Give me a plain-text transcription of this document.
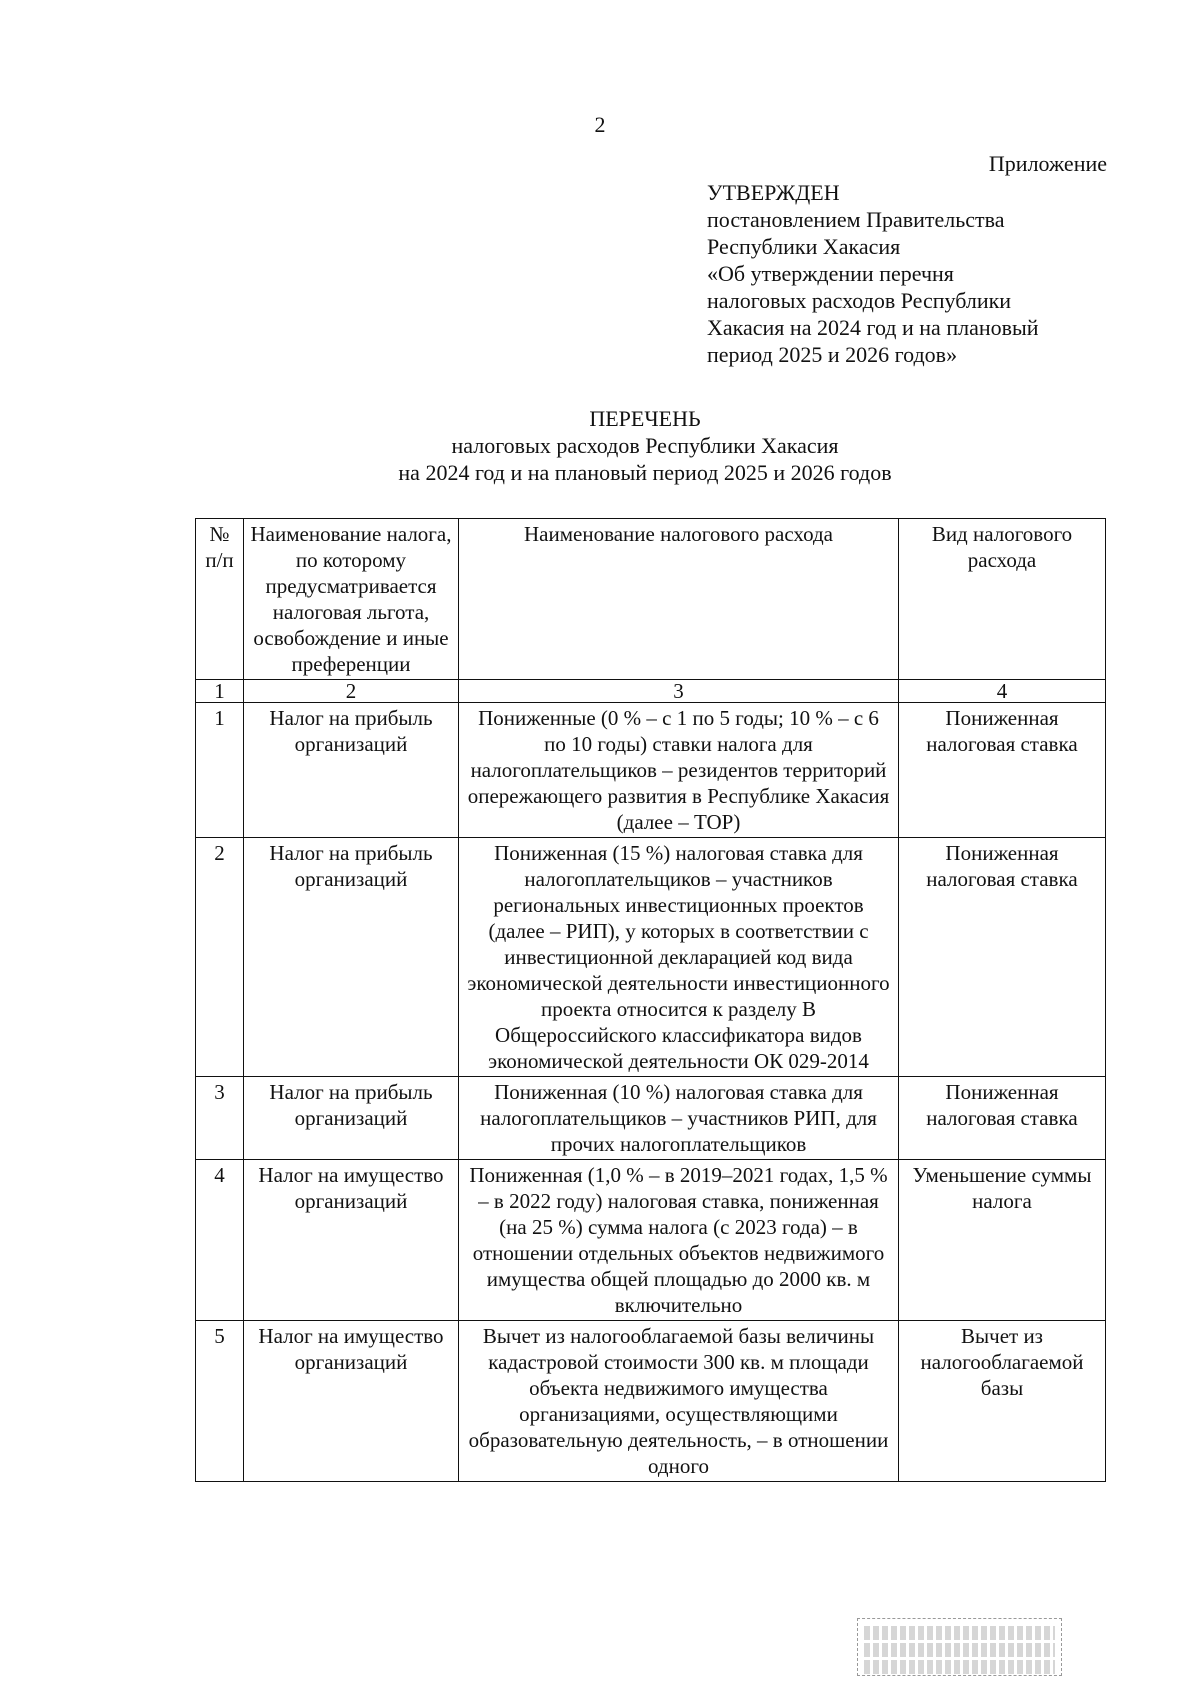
2
Приложение
УТВЕРЖДЕН
постановлением Правительства
Республики Хакасия
«Об утверждении перечня
налоговых расходов Республики
Хакасия на 2024 год и на плановый
период 2025 и 2026 годов»
ПЕРЕЧЕНЬ
налоговых расходов Республики Хакасия
на 2024 год и на плановый период 2025 и 2026 годов
№ п/п	Наименование налога, по которому предусматривается налоговая льгота, освобождение и иные преференции	Наименование налогового расхода	Вид налогового расхода
1	2	3	4
1	Налог на прибыль организаций	Пониженные (0 % – с 1 по 5 годы; 10 % – с 6 по 10 годы) ставки налога для налогоплательщиков – резидентов территорий опережающего развития в Республике Хакасия (далее – ТОР)	Пониженная налоговая ставка
2	Налог на прибыль организаций	Пониженная (15 %) налоговая ставка для налогоплательщиков – участников региональных инвестиционных проектов (далее – РИП), у которых в соответствии с инвестиционной декларацией код вида экономической деятельности инвестиционного проекта относится к разделу В Общероссийского классификатора видов экономической деятельности ОК 029-2014	Пониженная налоговая ставка
3	Налог на прибыль организаций	Пониженная (10 %) налоговая ставка для налогоплательщиков – участников РИП, для прочих налогоплательщиков	Пониженная налоговая ставка
4	Налог на имущество организаций	Пониженная (1,0 % – в 2019–2021 годах, 1,5 % – в 2022 году) налоговая ставка, пониженная (на 25 %) сумма налога (с 2023 года) – в отношении отдельных объектов недвижимого имущества общей площадью до 2000 кв. м включительно	Уменьшение суммы налога
5	Налог на имущество организаций	Вычет из налогооблагаемой базы величины кадастровой стоимости 300 кв. м площади объекта недвижимого имущества организациями, осуществляющими образовательную деятельность, – в отношении одного	Вычет из налогооблагаемой базы
